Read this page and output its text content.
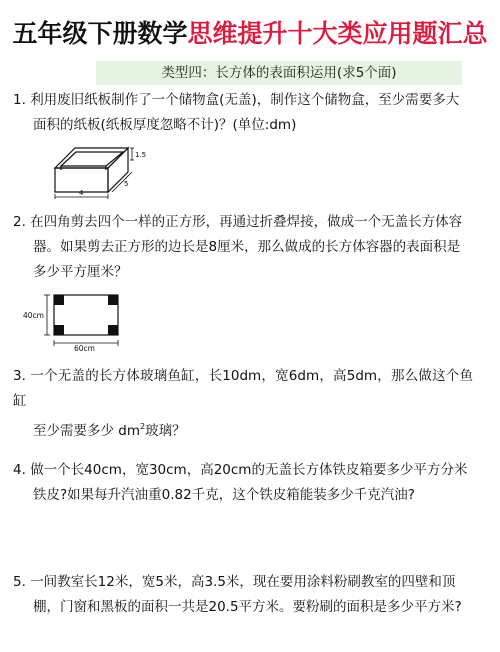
五年级下册数学思维提升十大类应用题汇总
类型四：长方体的表面积运用(求5个面)
1. 利用废旧纸板制作了一个储物盒(无盖)，制作这个储物盒，至少需要多大
面积的纸板(纸板厚度忽略不计)？(单位:dm)
1.5
5
4
2. 在四角剪去四个一样的正方形，再通过折叠焊接，做成一个无盖长方体容
器。如果剪去正方形的边长是8厘米，那么做成的长方体容器的表面积是
多少平方厘米？
40cm
60cm
3. 一个无盖的长方体玻璃鱼缸，长10dm，宽6dm，高5dm，那么做这个鱼缸
至少需要多少 $dm^2$玻璃？
4. 做一个长40cm，宽30cm，高20cm的无盖长方体铁皮箱要多少平方分米
铁皮?如果每升汽油重0.82千克，这个铁皮箱能装多少千克汽油?
5. 一间教室长12米，宽5米，高3.5米，现在要用涂料粉刷教室的四壁和顶
棚，门窗和黑板的面积一共是20.5平方米。要粉刷的面积是多少平方米?
